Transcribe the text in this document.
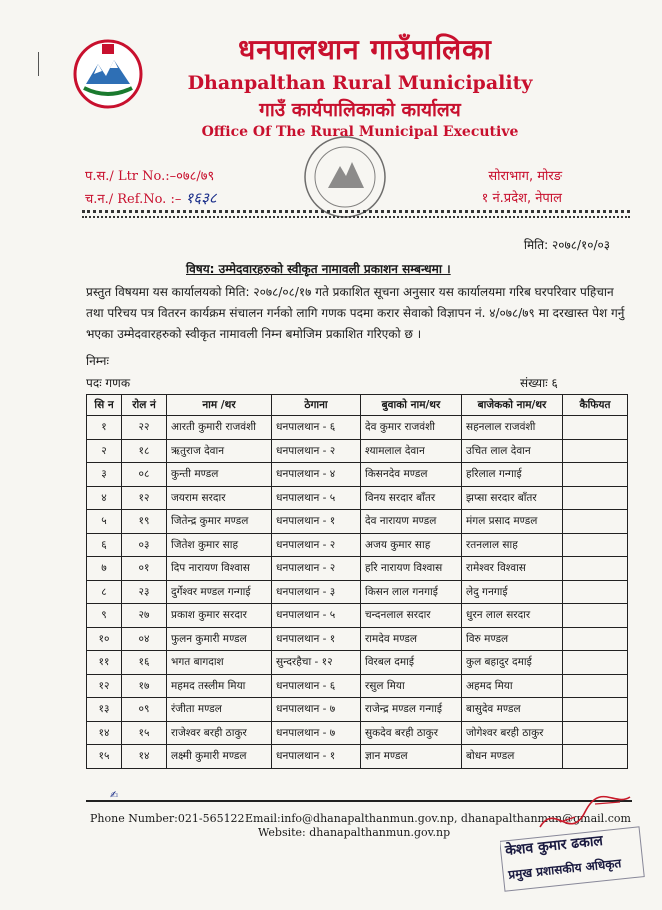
धनपालथान गाउँपालिका
Dhanpalthan Rural Municipality
गाउँ कार्यपालिकाको कार्यालय
Office Of The Rural Municipal Executive
प.स./ Ltr No.:–०७८/७९
च.न./ Ref.No. :– १६३८
सोराभाग, मोरङ
१ नं.प्रदेश, नेपाल
मिति: २०७८/१०/०३
विषय: उम्मेदवारहरुको स्वीकृत नामावली प्रकाशन सम्बन्धमा ।
प्रस्तुत विषयमा यस कार्यालयको मिति: २०७८/०८/१७ गते प्रकाशित सूचना अनुसार यस कार्यालयमा गरिब घरपरिवार पहिचान तथा परिचय पत्र वितरन कार्यक्रम संचालन गर्नको लागि गणक पदमा करार सेवाको विज्ञापन नं. ४/०७८/७९ मा दरखास्त पेश गर्नु भएका उम्मेदवारहरुको स्वीकृत नामावली निम्न बमोजिम प्रकाशित गरिएको छ ।
निम्नः
पदः गणक	संख्याः ६
सि न	रोल नं	नाम /थर	ठेगाना	बुवाको नाम/थर	बाजेकको नाम/थर	कैफियत
१	२२	आरती कुमारी राजवंशी	धनपालथान - ६	देव कुमार राजवंशी	सहनलाल राजवंशी	
२	१८	ऋतुराज देवान	धनपालथान - २	श्यामलाल देवान	उचित लाल देवान	
३	०८	कुन्ती मण्डल	धनपालथान - ४	किसनदेव मण्डल	हरिलाल गन्गाई	
४	१२	जयराम सरदार	धनपालथान - ५	विनय सरदार बाँतर	झप्सा सरदार बाँतर	
५	१९	जितेन्द्र कुमार मण्डल	धनपालथान - १	देव नारायण मण्डल	मंगल प्रसाद मण्डल	
६	०३	जितेश कुमार साह	धनपालथान - २	अजय कुमार साह	रतनलाल साह	
७	०१	दिप नारायण विश्वास	धनपालथान - २	हरि नारायण विश्वास	रामेश्वर विश्वास	
८	२३	दुर्गेश्वर मण्डल गन्गाई	धनपालथान - ३	किसन लाल गनगाई	लेदु गनगाई	
९	२७	प्रकाश कुमार सरदार	धनपालथान - ५	चन्दनलाल सरदार	धुरन लाल सरदार	
१०	०४	फुलन कुमारी मण्डल	धनपालथान - १	रामदेव मण्डल	विरु मण्डल	
११	१६	भगत बागदाश	सुन्दरहैचा - १२	विरबल दमाई	कुल बहादुर दमाई	
१२	१७	महमद तस्लीम मिया	धनपालथान - ६	रसुल मिया	अहमद मिया	
१३	०९	रंजीता मण्डल	धनपालथान - ७	राजेन्द्र मण्डल गन्गाई	बासुदेव मण्डल	
१४	१५	राजेश्वर बरही ठाकुर	धनपालथान - ७	सुकदेव बरही ठाकुर	जोगेश्वर बरही ठाकुर	
१५	१४	लक्ष्मी कुमारी मण्डल	धनपालथान - १	ज्ञान मण्डल	बोधन मण्डल	
Phone Number:021-565122 Email:info@dhanapalthanmun.gov.np, dhanapalthanmun@gmail.com
Website: dhanapalthanmun.gov.np
केशव कुमार ढकाल
प्रमुख प्रशासकीय अधिकृत
✍
